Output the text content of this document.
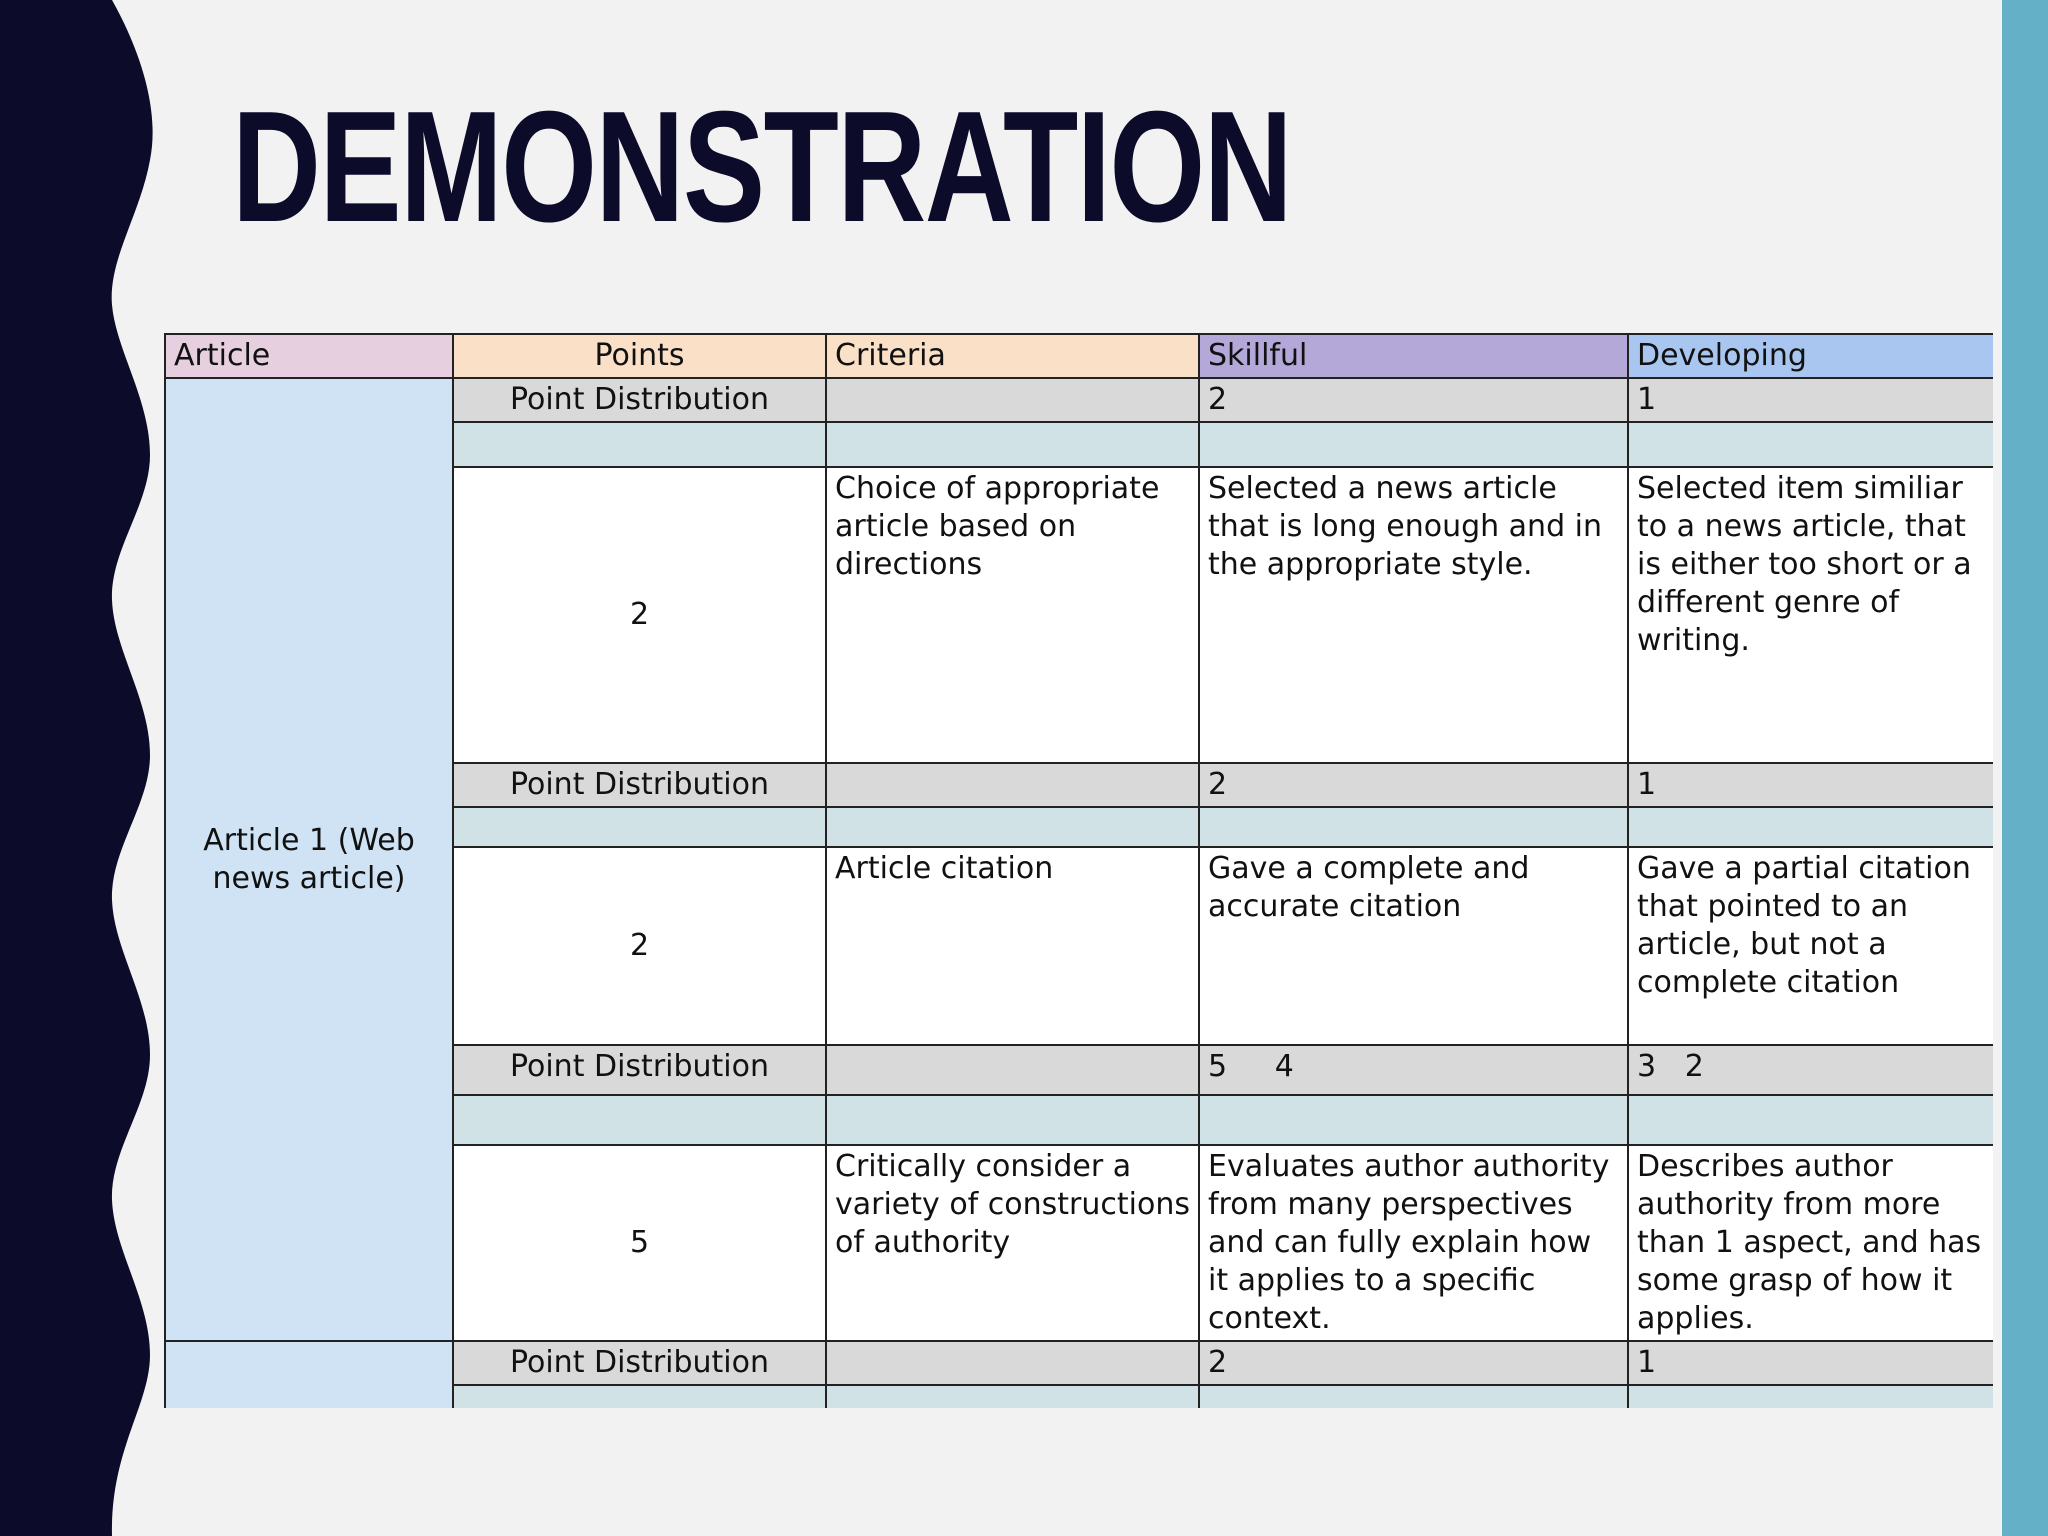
DEMONSTRATION
Article	Points	Criteria	Skillful	Developing
Article 1 (Web news article)	Point Distribution		2	1

	2	Choice of appropriate article based on directions	Selected a news article that is long enough and in the appropriate style.	Selected item similiar to a news article, that is either too short or a different genre of writing.
	Point Distribution		2	1

	2	Article citation	Gave a complete and accurate citation	Gave a partial citation that pointed to an article, but not a complete citation
	Point Distribution		5     4	3   2

	5	Critically consider a variety of constructions of authority	Evaluates author authority from many perspectives and can fully explain how it applies to a specific context.	Describes author authority from more than 1 aspect, and has some grasp of how it applies.
	Point Distribution		2	1
